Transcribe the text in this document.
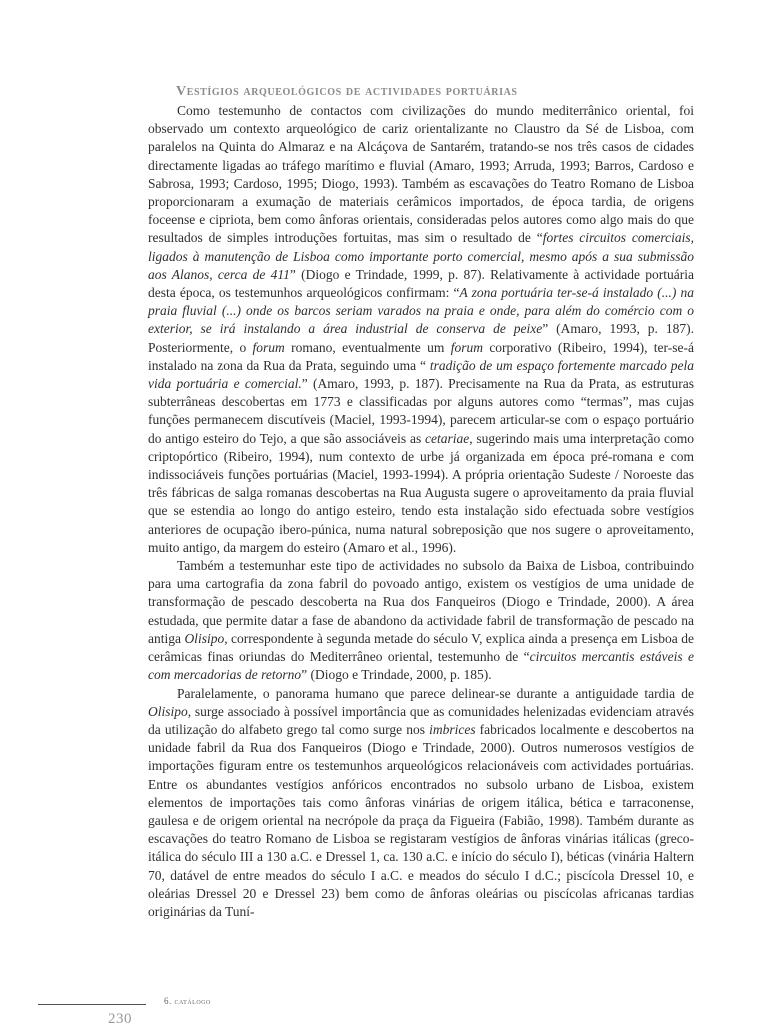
Vestígios arqueológicos de actividades portuárias

Como testemunho de contactos com civilizações do mundo mediterrânico oriental, foi observado um contexto arqueológico de cariz orientalizante no Claustro da Sé de Lisboa, com paralelos na Quinta do Almaraz e na Alcáçova de Santarém, tratando-se nos três casos de cidades directamente ligadas ao tráfego marítimo e fluvial (Amaro, 1993; Arruda, 1993; Barros, Cardoso e Sabrosa, 1993; Cardoso, 1995; Diogo, 1993). Também as escavações do Teatro Romano de Lisboa proporcionaram a exumação de materiais cerâmicos importados, de época tardia, de origens foceense e cipriota, bem como ânforas orientais, consideradas pelos autores como algo mais do que resultados de simples introduções fortuitas, mas sim o resultado de “fortes circuitos comerciais, ligados à manutenção de Lisboa como importante porto comercial, mesmo após a sua submissão aos Alanos, cerca de 411” (Diogo e Trindade, 1999, p. 87). Relativamente à actividade portuária desta época, os testemunhos arqueológicos confirmam: “A zona portuária ter-se-á instalado (...) na praia fluvial (...) onde os barcos seriam varados na praia e onde, para além do comércio com o exterior, se irá instalando a área industrial de conserva de peixe” (Amaro, 1993, p. 187). Posteriormente, o forum romano, eventualmente um forum corporativo (Ribeiro, 1994), ter-se-á instalado na zona da Rua da Prata, seguindo uma “ tradição de um espaço fortemente marcado pela vida portuária e comercial.” (Amaro, 1993, p. 187). Precisamente na Rua da Prata, as estruturas subterrâneas descobertas em 1773 e classificadas por alguns autores como “termas”, mas cujas funções permanecem discutíveis (Maciel, 1993-1994), parecem articular-se com o espaço portuário do antigo esteiro do Tejo, a que são associáveis as cetariae, sugerindo mais uma interpretação como criptopórtico (Ribeiro, 1994), num contexto de urbe já organizada em época pré-romana e com indissociáveis funções portuárias (Maciel, 1993-1994). A própria orientação Sudeste / Noroeste das três fábricas de salga romanas descobertas na Rua Augusta sugere o aproveitamento da praia fluvial que se estendia ao longo do antigo esteiro, tendo esta instalação sido efectuada sobre vestígios anteriores de ocupação ibero-púnica, numa natural sobreposição que nos sugere o aproveitamento, muito antigo, da margem do esteiro (Amaro et al., 1996).

Também a testemunhar este tipo de actividades no subsolo da Baixa de Lisboa, contribuindo para uma cartografia da zona fabril do povoado antigo, existem os vestígios de uma unidade de transformação de pescado descoberta na Rua dos Fanqueiros (Diogo e Trindade, 2000). A área estudada, que permite datar a fase de abandono da actividade fabril de transformação de pescado na antiga Olisipo, correspondente à segunda metade do século V, explica ainda a presença em Lisboa de cerâmicas finas oriundas do Mediterrâneo oriental, testemunho de “circuitos mercantis estáveis e com mercadorias de retorno” (Diogo e Trindade, 2000, p. 185).

Paralelamente, o panorama humano que parece delinear-se durante a antiguidade tardia de Olisipo, surge associado à possível importância que as comunidades helenizadas evidenciam através da utilização do alfabeto grego tal como surge nos imbrices fabricados localmente e descobertos na unidade fabril da Rua dos Fanqueiros (Diogo e Trindade, 2000). Outros numerosos vestígios de importações figuram entre os testemunhos arqueológicos relacionáveis com actividades portuárias. Entre os abundantes vestígios anfóricos encontrados no subsolo urbano de Lisboa, existem elementos de importações tais como ânforas vinárias de origem itálica, bética e tarraconense, gaulesa e de origem oriental na necrópole da praça da Figueira (Fabião, 1998). Também durante as escavações do teatro Romano de Lisboa se registaram vestígios de ânforas vinárias itálicas (greco-itálica do século III a 130 a.C. e Dressel 1, ca. 130 a.C. e início do século I), béticas (vinária Haltern 70, datável de entre meados do século I a.C. e meados do século I d.C.; piscícola Dressel 10, e oleárias Dressel 20 e Dressel 23) bem como de ânforas oleárias ou piscícolas africanas tardias originárias da Tuní-

6. catálogo
230
